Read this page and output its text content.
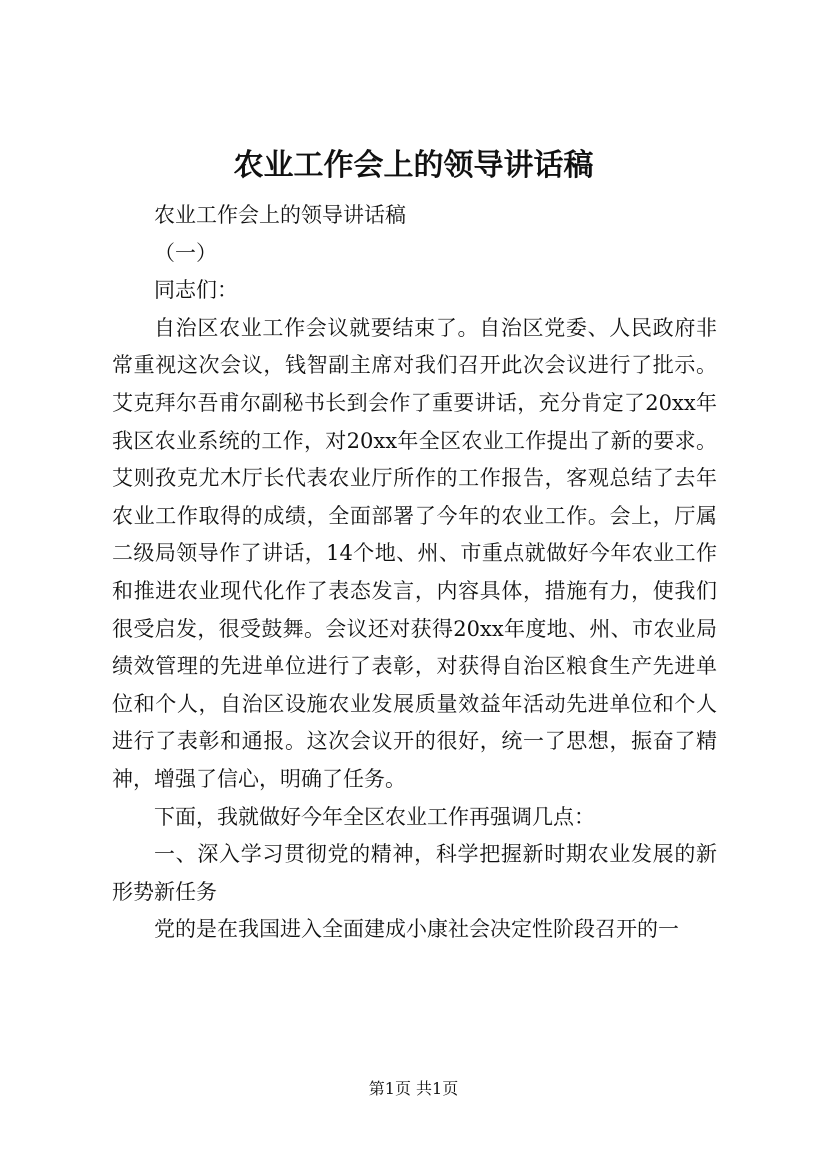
农业工作会上的领导讲话稿

农业工作会上的领导讲话稿

（一）

同志们：

自治区农业工作会议就要结束了。自治区党委、人民政府非常重视这次会议，钱智副主席对我们召开此次会议进行了批示。艾克拜尔吾甫尔副秘书长到会作了重要讲话，充分肯定了20xx年我区农业系统的工作，对20xx年全区农业工作提出了新的要求。艾则孜克尤木厅长代表农业厅所作的工作报告，客观总结了去年农业工作取得的成绩，全面部署了今年的农业工作。会上，厅属二级局领导作了讲话，14个地、州、市重点就做好今年农业工作和推进农业现代化作了表态发言，内容具体，措施有力，使我们很受启发，很受鼓舞。会议还对获得20xx年度地、州、市农业局绩效管理的先进单位进行了表彰，对获得自治区粮食生产先进单位和个人，自治区设施农业发展质量效益年活动先进单位和个人进行了表彰和通报。这次会议开的很好，统一了思想，振奋了精神，增强了信心，明确了任务。

下面，我就做好今年全区农业工作再强调几点：

一、深入学习贯彻党的精神，科学把握新时期农业发展的新形势新任务

党的是在我国进入全面建成小康社会决定性阶段召开的一

第1页 共1页
